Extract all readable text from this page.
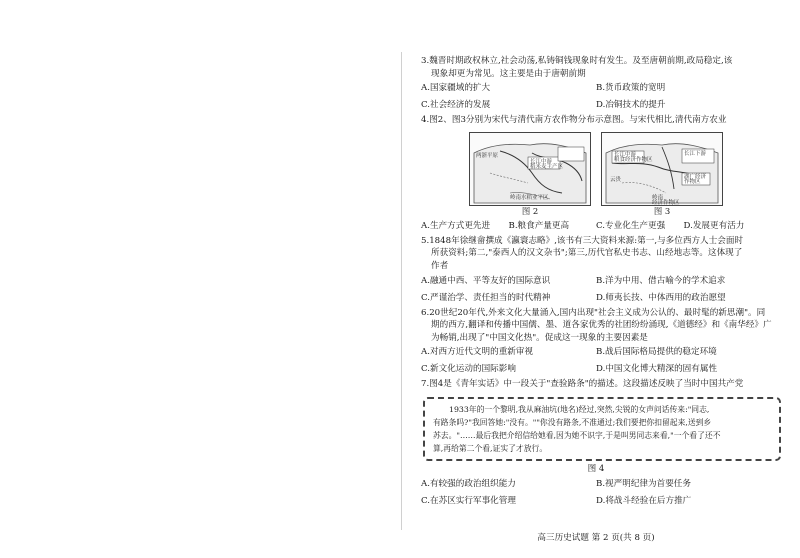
3.魏晋时期政权林立,社会动荡,私铸铜钱现象时有发生。及至唐朝前期,政局稳定,该
现象却更为常见。这主要是由于唐朝前期
A.国家疆域的扩大	B.货币政策的宽明
C.社会经济的发展	D.冶铜技术的提升
4.图2、图3分别为宋代与清代南方农作物分布示意图。与宋代相比,清代南方农业
两浙平原
长江中游
稻米麦主产区
岭南水稻业平区
图 2
长江中游
粮食经济作物区
长江下游
湖广经济
作物区
云贵
岭南
经济作物区
图 3
A.生产方式更先进	B.粮食产量更高	C.专业化生产更强	D.发展更有活力
5.1848年徐继畲撰成《瀛寰志略》,该书有三大资料来源:第一,与多位西方人士会面时
所获资料;第二,"泰西人的汉文杂书";第三,历代官私史书志、山经地志等。这体现了
作者
A.融通中西、平等友好的国际意识	B.洋为中用、借古喻今的学术追求
C.严谨治学、责任担当的时代精神	D.师夷长技、中体西用的政治愿望
6.20世纪20年代,外来文化大量涌入,国内出现"社会主义成为公认的、最时髦的新思潮"。同
期的西方,翻译和传播中国儒、墨、道各家优秀的社团纷纷涌现,《道德经》和《南华经》广
为畅销,出现了"中国文化热"。促成这一现象的主要因素是
A.对西方近代文明的重新审视	B.战后国际格局提供的稳定环境
C.新文化运动的国际影响	D.中国文化博大精深的固有属性
7.图4是《青年实话》中一段关于"查验路条"的描述。这段描述反映了当时中国共产党
1933年的一个黎明,我从麻油坑(地名)经过,突然,尖锐的女声问话传来:"同志,
有路条吗?"我回答她:"没有。""你没有路条,不准通过;我们要把你扣留起来,送到乡
苏去。"……最后我把介绍信给她看,因为她不识字,于是叫男同志来看,"一个看了还不
算,再给第二个看,证实了才放行。
图 4
A.有较强的政治组织能力	B.视严明纪律为首要任务
C.在苏区实行军事化管理	D.将战斗经验在后方推广
高三历史试题 第 2 页(共 8 页)
